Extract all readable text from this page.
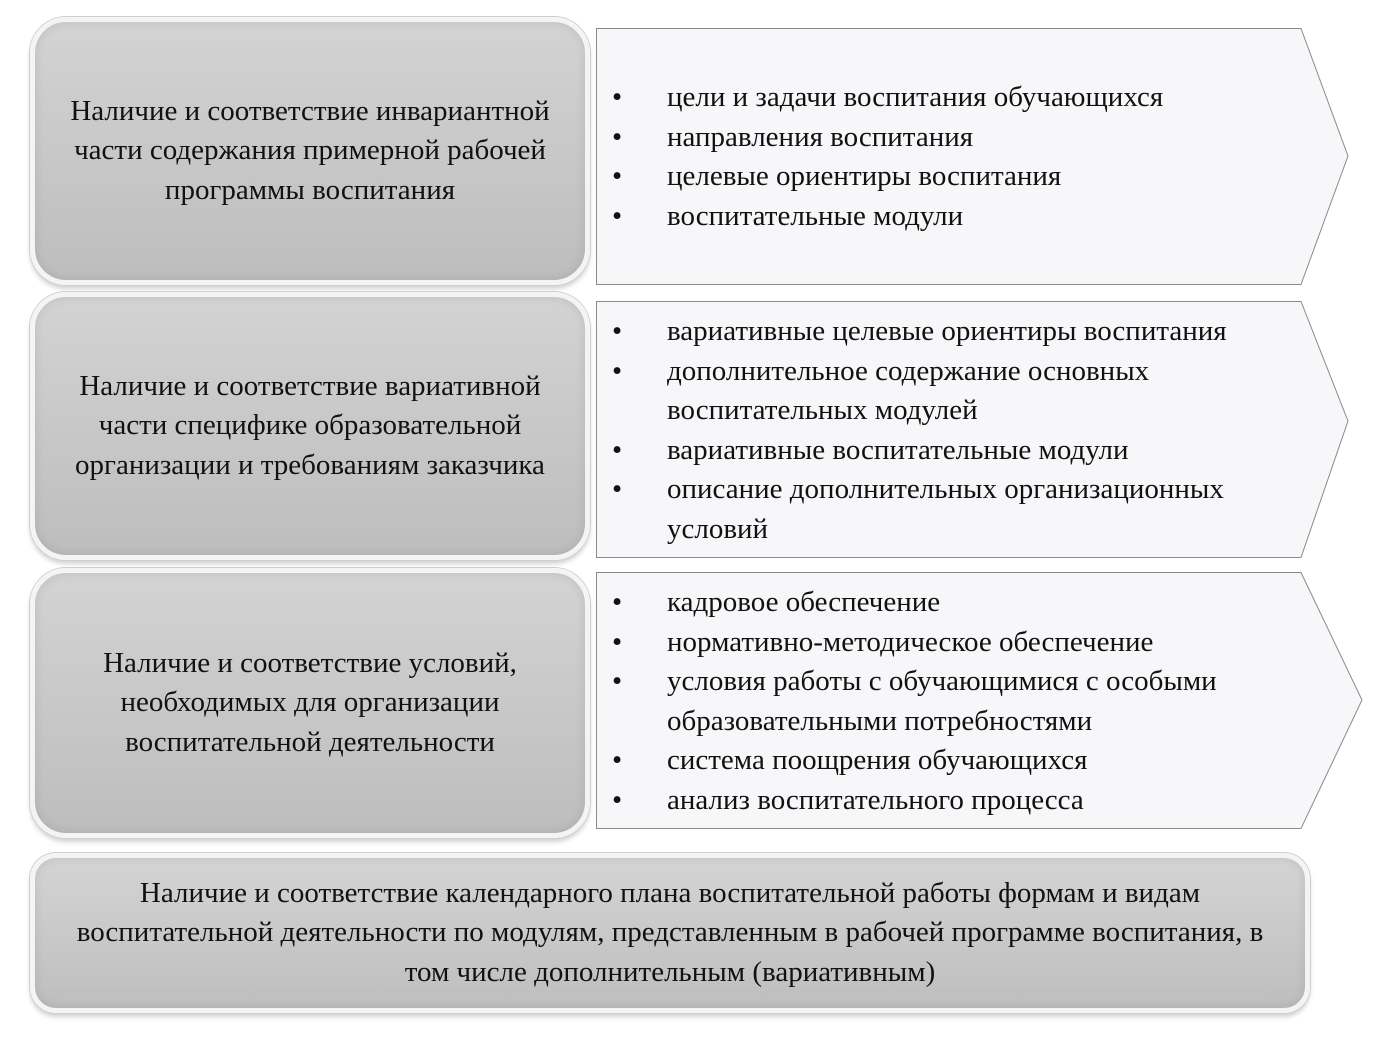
Наличие и соответствие инвариантной части содержания примерной рабочей программы воспитания
• цели и задачи воспитания обучающихся
• направления воспитания
• целевые ориентиры воспитания
• воспитательные модули
Наличие и соответствие вариативной части специфике образовательной организации и требованиям заказчика
• вариативные целевые ориентиры воспитания
• дополнительное содержание основных воспитательных модулей
• вариативные воспитательные модули
• описание дополнительных организационных условий
Наличие и соответствие условий, необходимых для организации воспитательной деятельности
• кадровое обеспечение
• нормативно-методическое обеспечение
• условия работы с обучающимися с особыми образовательными потребностями
• система поощрения обучающихся
• анализ воспитательного процесса
Наличие и соответствие календарного плана воспитательной работы формам и видам воспитательной деятельности по модулям, представленным в рабочей программе воспитания, в том числе дополнительным (вариативным)
